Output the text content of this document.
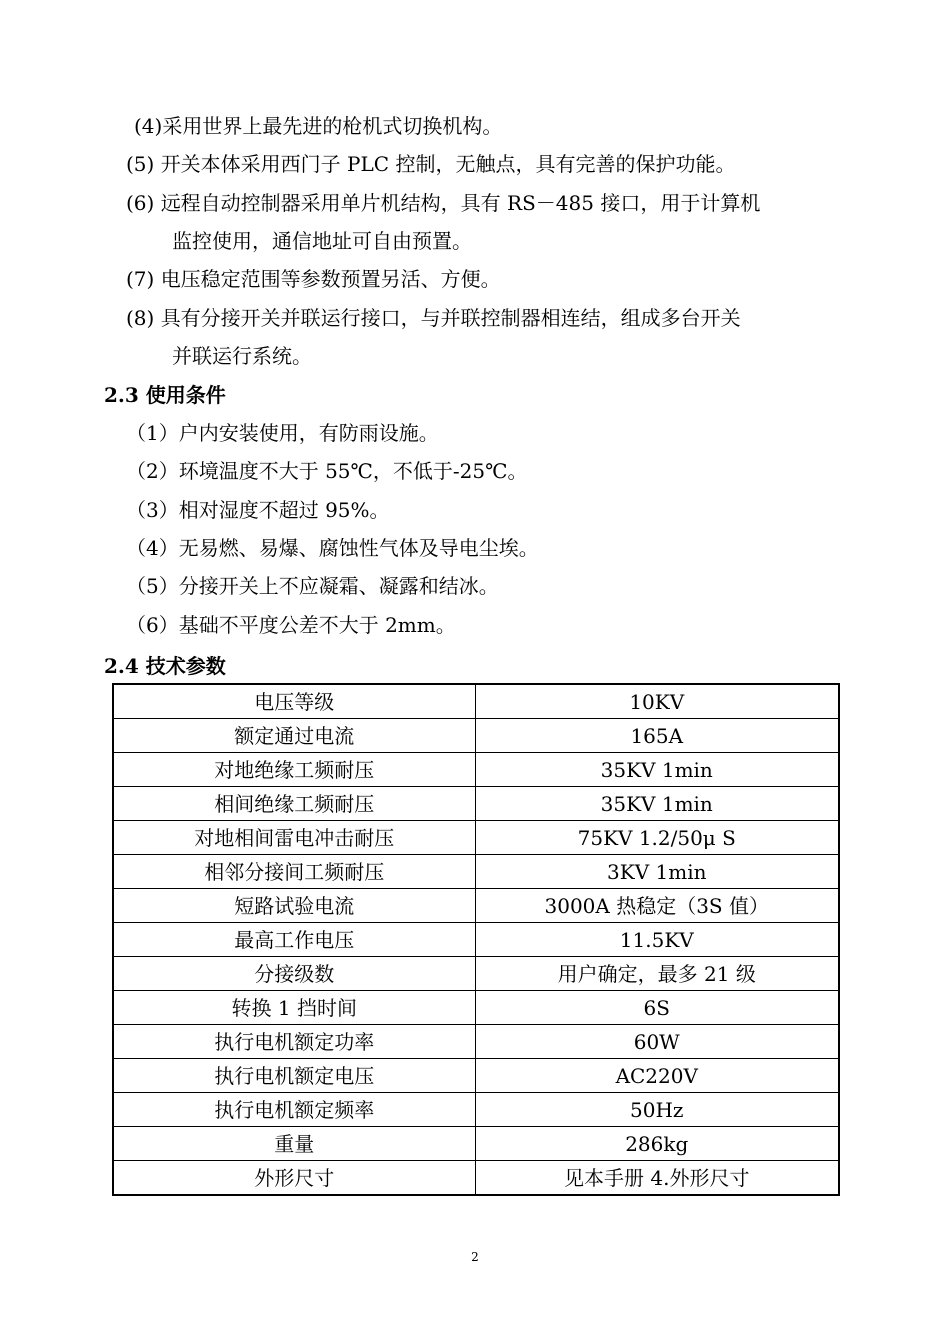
(4)采用世界上最先进的枪机式切换机构。
(5) 开关本体采用西门子 PLC 控制，无触点，具有完善的保护功能。
(6) 远程自动控制器采用单片机结构，具有 RS－485 接口，用于计算机
监控使用，通信地址可自由预置。
(7) 电压稳定范围等参数预置另活、方便。
(8) 具有分接开关并联运行接口，与并联控制器相连结，组成多台开关
并联运行系统。
2.3 使用条件
（1）户内安装使用，有防雨设施。
（2）环境温度不大于 55℃，不低于-25℃。
（3）相对湿度不超过 95%。
（4）无易燃、易爆、腐蚀性气体及导电尘埃。
（5）分接开关上不应凝霜、凝露和结冰。
（6）基础不平度公差不大于 2mm。
2.4 技术参数
电压等级	10KV
额定通过电流	165A
对地绝缘工频耐压	35KV 1min
相间绝缘工频耐压	35KV 1min
对地相间雷电冲击耐压	75KV 1.2/50μ S
相邻分接间工频耐压	3KV 1min
短路试验电流	3000A 热稳定（3S 值）
最高工作电压	11.5KV
分接级数	用户确定，最多 21 级
转换 1 挡时间	6S
执行电机额定功率	60W
执行电机额定电压	AC220V
执行电机额定频率	50Hz
重量	286kg
外形尺寸	见本手册 4.外形尺寸
2
